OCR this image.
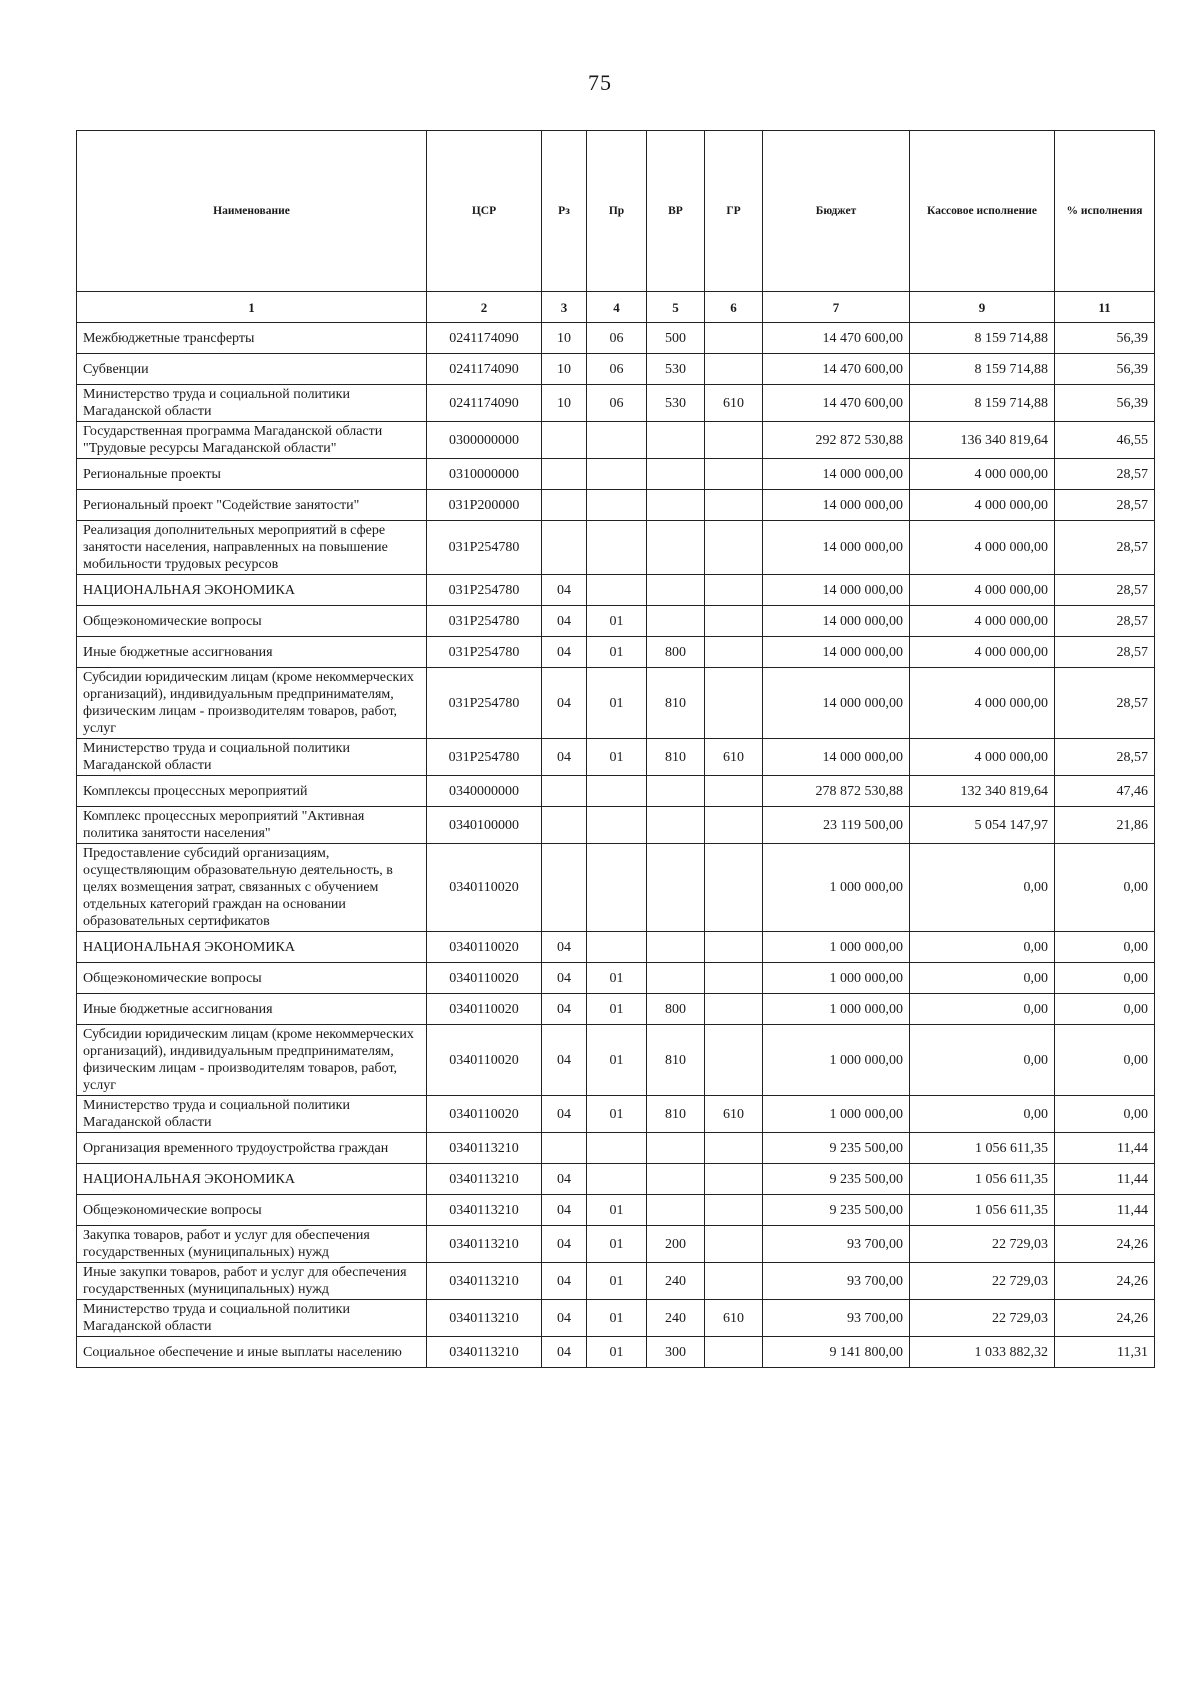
75
Наименование	ЦСР	Рз	Пр	ВР	ГР	Бюджет	Кассовое исполнение	% исполнения
1	2	3	4	5	6	7	9	11
Межбюджетные трансферты	0241174090	10	06	500		14 470 600,00	8 159 714,88	56,39
Субвенции	0241174090	10	06	530		14 470 600,00	8 159 714,88	56,39
Министерство труда и социальной политики Магаданской области	0241174090	10	06	530	610	14 470 600,00	8 159 714,88	56,39
Государственная программа Магаданской области "Трудовые ресурсы Магаданской области"	0300000000					292 872 530,88	136 340 819,64	46,55
Региональные проекты	0310000000					14 000 000,00	4 000 000,00	28,57
Региональный проект "Содействие занятости"	031P200000					14 000 000,00	4 000 000,00	28,57
Реализация дополнительных мероприятий в сфере занятости населения, направленных на повышение мобильности трудовых ресурсов	031P254780					14 000 000,00	4 000 000,00	28,57
НАЦИОНАЛЬНАЯ ЭКОНОМИКА	031P254780	04				14 000 000,00	4 000 000,00	28,57
Общеэкономические вопросы	031P254780	04	01			14 000 000,00	4 000 000,00	28,57
Иные бюджетные ассигнования	031P254780	04	01	800		14 000 000,00	4 000 000,00	28,57
Субсидии юридическим лицам (кроме некоммерческих организаций), индивидуальным предпринимателям, физическим лицам - производителям товаров, работ, услуг	031P254780	04	01	810		14 000 000,00	4 000 000,00	28,57
Министерство труда и социальной политики Магаданской области	031P254780	04	01	810	610	14 000 000,00	4 000 000,00	28,57
Комплексы процессных мероприятий	0340000000					278 872 530,88	132 340 819,64	47,46
Комплекс процессных мероприятий "Активная политика занятости населения"	0340100000					23 119 500,00	5 054 147,97	21,86
Предоставление субсидий организациям, осуществляющим образовательную деятельность, в целях возмещения затрат, связанных с обучением отдельных категорий граждан на основании образовательных сертификатов	0340110020					1 000 000,00	0,00	0,00
НАЦИОНАЛЬНАЯ ЭКОНОМИКА	0340110020	04				1 000 000,00	0,00	0,00
Общеэкономические вопросы	0340110020	04	01			1 000 000,00	0,00	0,00
Иные бюджетные ассигнования	0340110020	04	01	800		1 000 000,00	0,00	0,00
Субсидии юридическим лицам (кроме некоммерческих организаций), индивидуальным предпринимателям, физическим лицам - производителям товаров, работ, услуг	0340110020	04	01	810		1 000 000,00	0,00	0,00
Министерство труда и социальной политики Магаданской области	0340110020	04	01	810	610	1 000 000,00	0,00	0,00
Организация временного трудоустройства граждан	0340113210					9 235 500,00	1 056 611,35	11,44
НАЦИОНАЛЬНАЯ ЭКОНОМИКА	0340113210	04				9 235 500,00	1 056 611,35	11,44
Общеэкономические вопросы	0340113210	04	01			9 235 500,00	1 056 611,35	11,44
Закупка товаров, работ и услуг для обеспечения государственных (муниципальных) нужд	0340113210	04	01	200		93 700,00	22 729,03	24,26
Иные закупки товаров, работ и услуг для обеспечения государственных (муниципальных) нужд	0340113210	04	01	240		93 700,00	22 729,03	24,26
Министерство труда и социальной политики Магаданской области	0340113210	04	01	240	610	93 700,00	22 729,03	24,26
Социальное обеспечение и иные выплаты населению	0340113210	04	01	300		9 141 800,00	1 033 882,32	11,31
